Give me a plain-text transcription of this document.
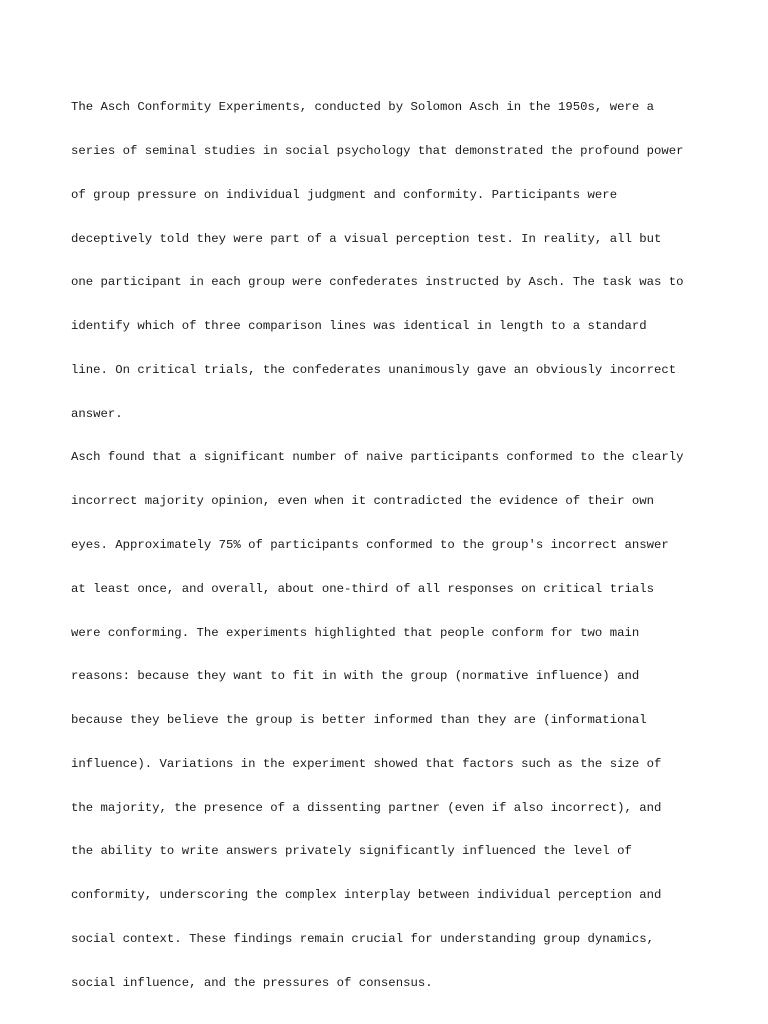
The Asch Conformity Experiments, conducted by Solomon Asch in the 1950s, were a

series of seminal studies in social psychology that demonstrated the profound power

of group pressure on individual judgment and conformity. Participants were

deceptively told they were part of a visual perception test. In reality, all but

one participant in each group were confederates instructed by Asch. The task was to

identify which of three comparison lines was identical in length to a standard

line. On critical trials, the confederates unanimously gave an obviously incorrect

answer.

Asch found that a significant number of naive participants conformed to the clearly

incorrect majority opinion, even when it contradicted the evidence of their own

eyes. Approximately 75% of participants conformed to the group's incorrect answer

at least once, and overall, about one-third of all responses on critical trials

were conforming. The experiments highlighted that people conform for two main

reasons: because they want to fit in with the group (normative influence) and

because they believe the group is better informed than they are (informational

influence). Variations in the experiment showed that factors such as the size of

the majority, the presence of a dissenting partner (even if also incorrect), and

the ability to write answers privately significantly influenced the level of

conformity, underscoring the complex interplay between individual perception and

social context. These findings remain crucial for understanding group dynamics,

social influence, and the pressures of consensus.
